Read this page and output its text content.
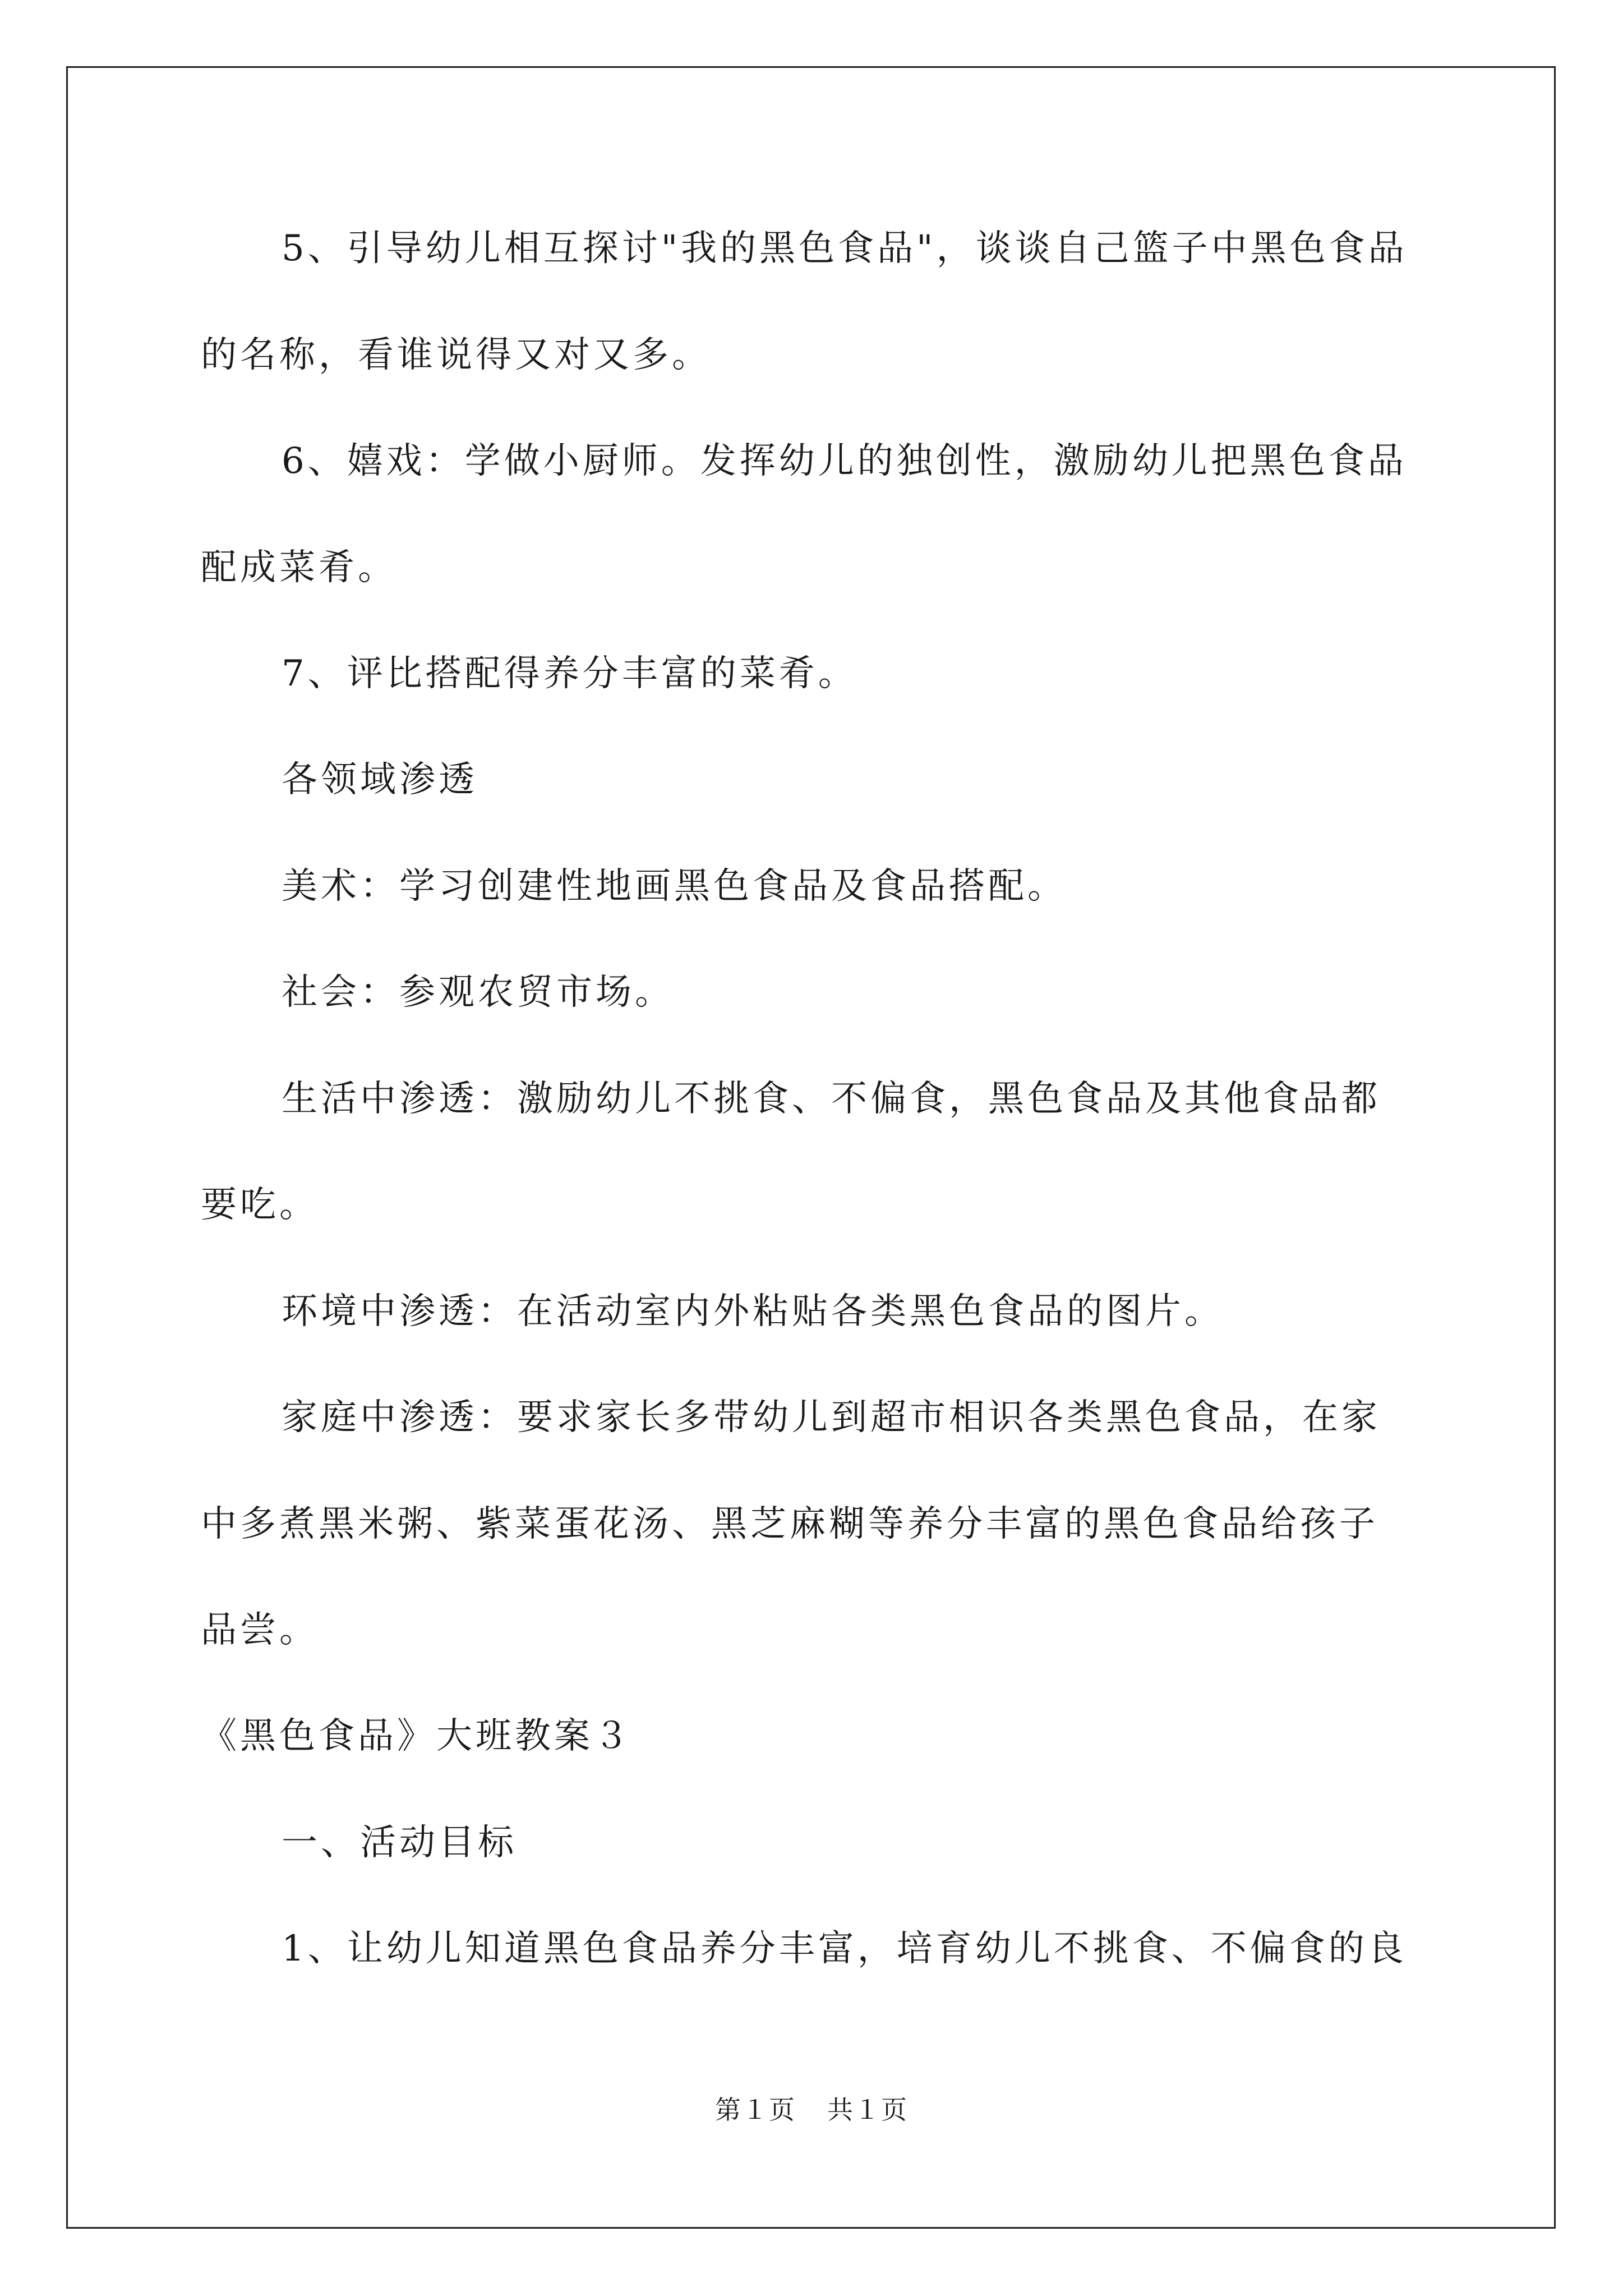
5、引导幼儿相互探讨"我的黑色食品"，谈谈自己篮子中黑色食品

的名称，看谁说得又对又多。

6、嬉戏：学做小厨师。发挥幼儿的独创性，激励幼儿把黑色食品

配成菜肴。

7、评比搭配得养分丰富的菜肴。

各领域渗透

美术：学习创建性地画黑色食品及食品搭配。

社会：参观农贸市场。

生活中渗透：激励幼儿不挑食、不偏食，黑色食品及其他食品都

要吃。

环境中渗透：在活动室内外粘贴各类黑色食品的图片。

家庭中渗透：要求家长多带幼儿到超市相识各类黑色食品，在家

中多煮黑米粥、紫菜蛋花汤、黑芝麻糊等养分丰富的黑色食品给孩子

品尝。

《黑色食品》大班教案３

一、活动目标

1、让幼儿知道黑色食品养分丰富，培育幼儿不挑食、不偏食的良

第１页 共１页
